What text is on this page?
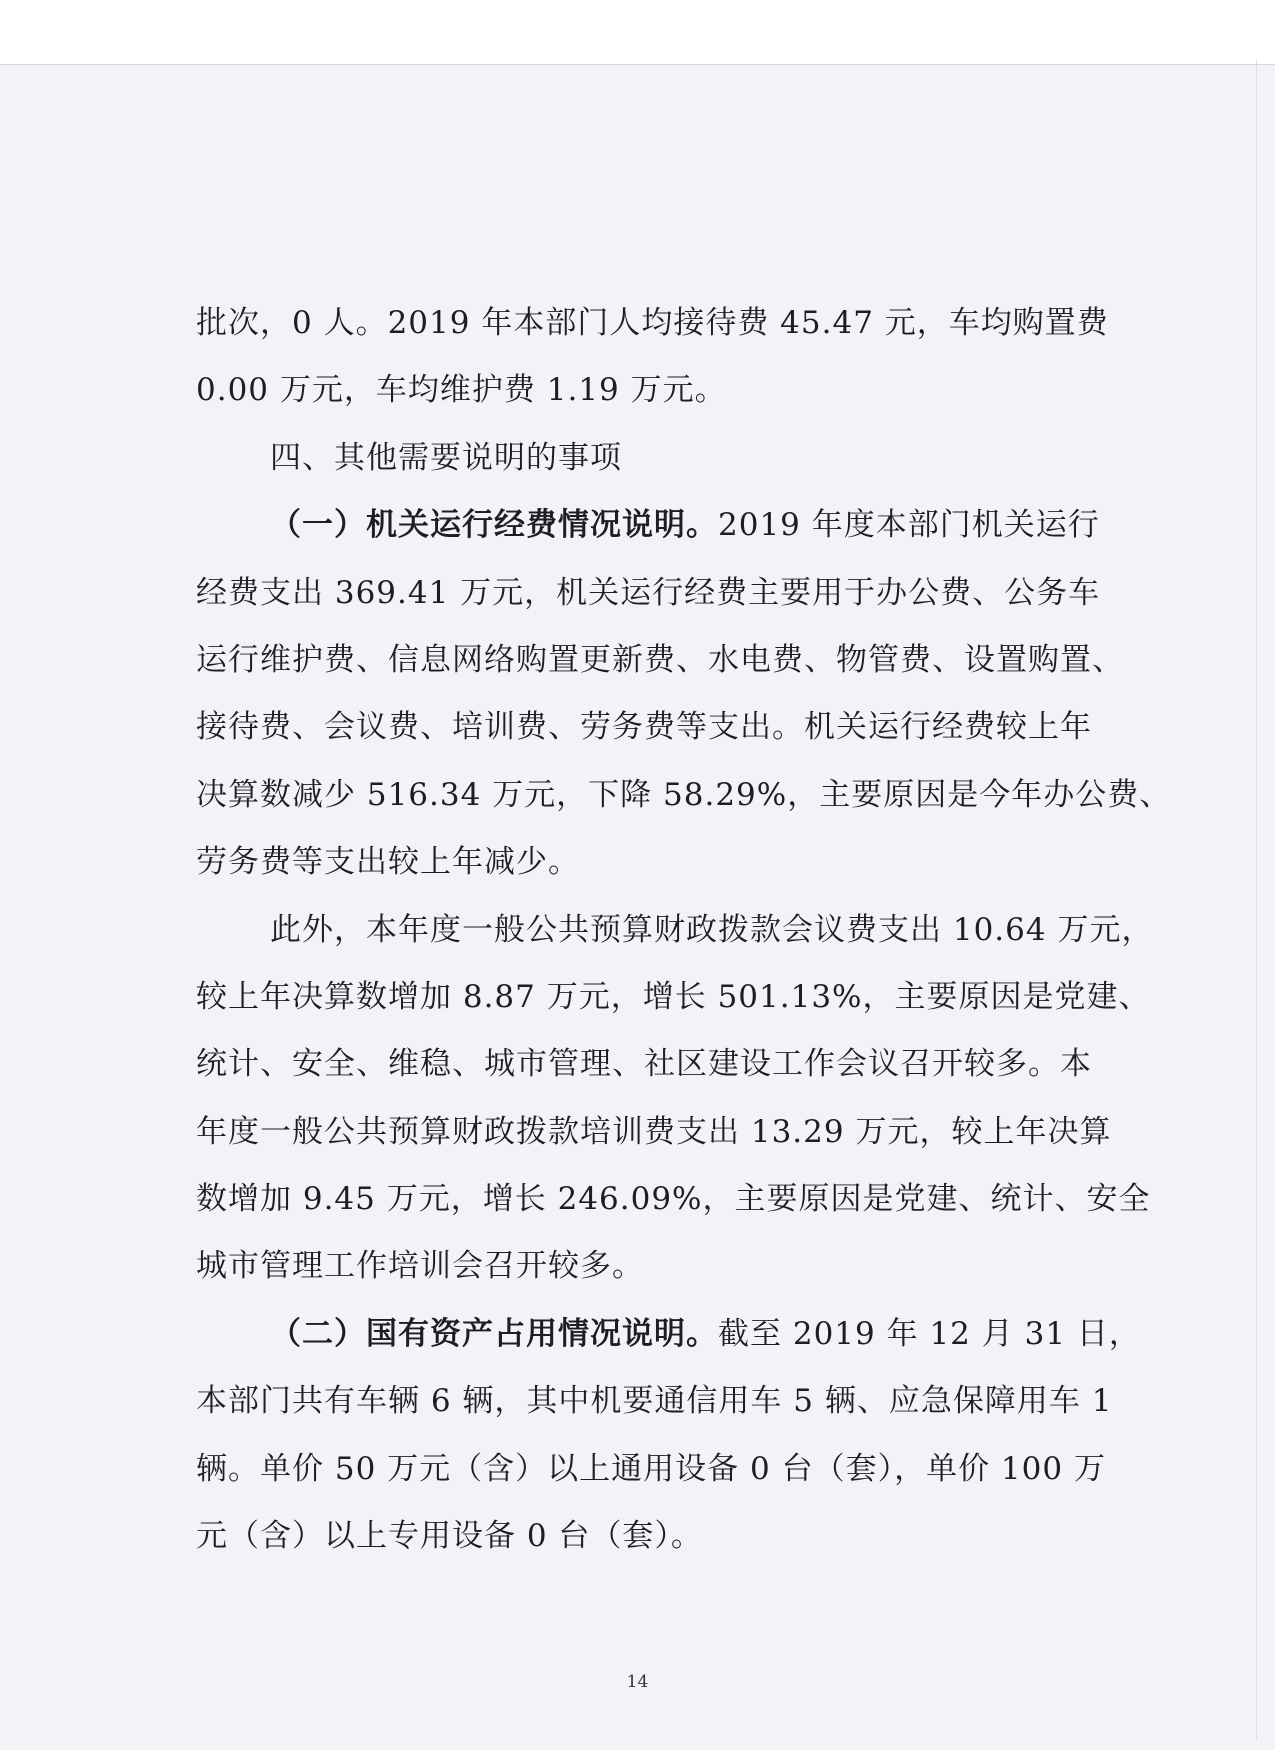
批次，0 人。2019 年本部门人均接待费 45.47 元，车均购置费
0.00 万元，车均维护费 1.19 万元。
四、其他需要说明的事项
（一）机关运行经费情况说明。2019 年度本部门机关运行
经费支出 369.41 万元，机关运行经费主要用于办公费、公务车
运行维护费、信息网络购置更新费、水电费、物管费、设置购置、
接待费、会议费、培训费、劳务费等支出。机关运行经费较上年
决算数减少 516.34 万元，下降 58.29%，主要原因是今年办公费、
劳务费等支出较上年减少。
此外，本年度一般公共预算财政拨款会议费支出 10.64 万元，
较上年决算数增加 8.87 万元，增长 501.13%，主要原因是党建、
统计、安全、维稳、城市管理、社区建设工作会议召开较多。本
年度一般公共预算财政拨款培训费支出 13.29 万元，较上年决算
数增加 9.45 万元，增长 246.09%，主要原因是党建、统计、安全
城市管理工作培训会召开较多。
（二）国有资产占用情况说明。截至 2019 年 12 月 31 日，
本部门共有车辆 6 辆，其中机要通信用车 5 辆、应急保障用车 1
辆。单价 50 万元（含）以上通用设备 0 台（套），单价 100 万
元（含）以上专用设备 0 台（套）。
14
